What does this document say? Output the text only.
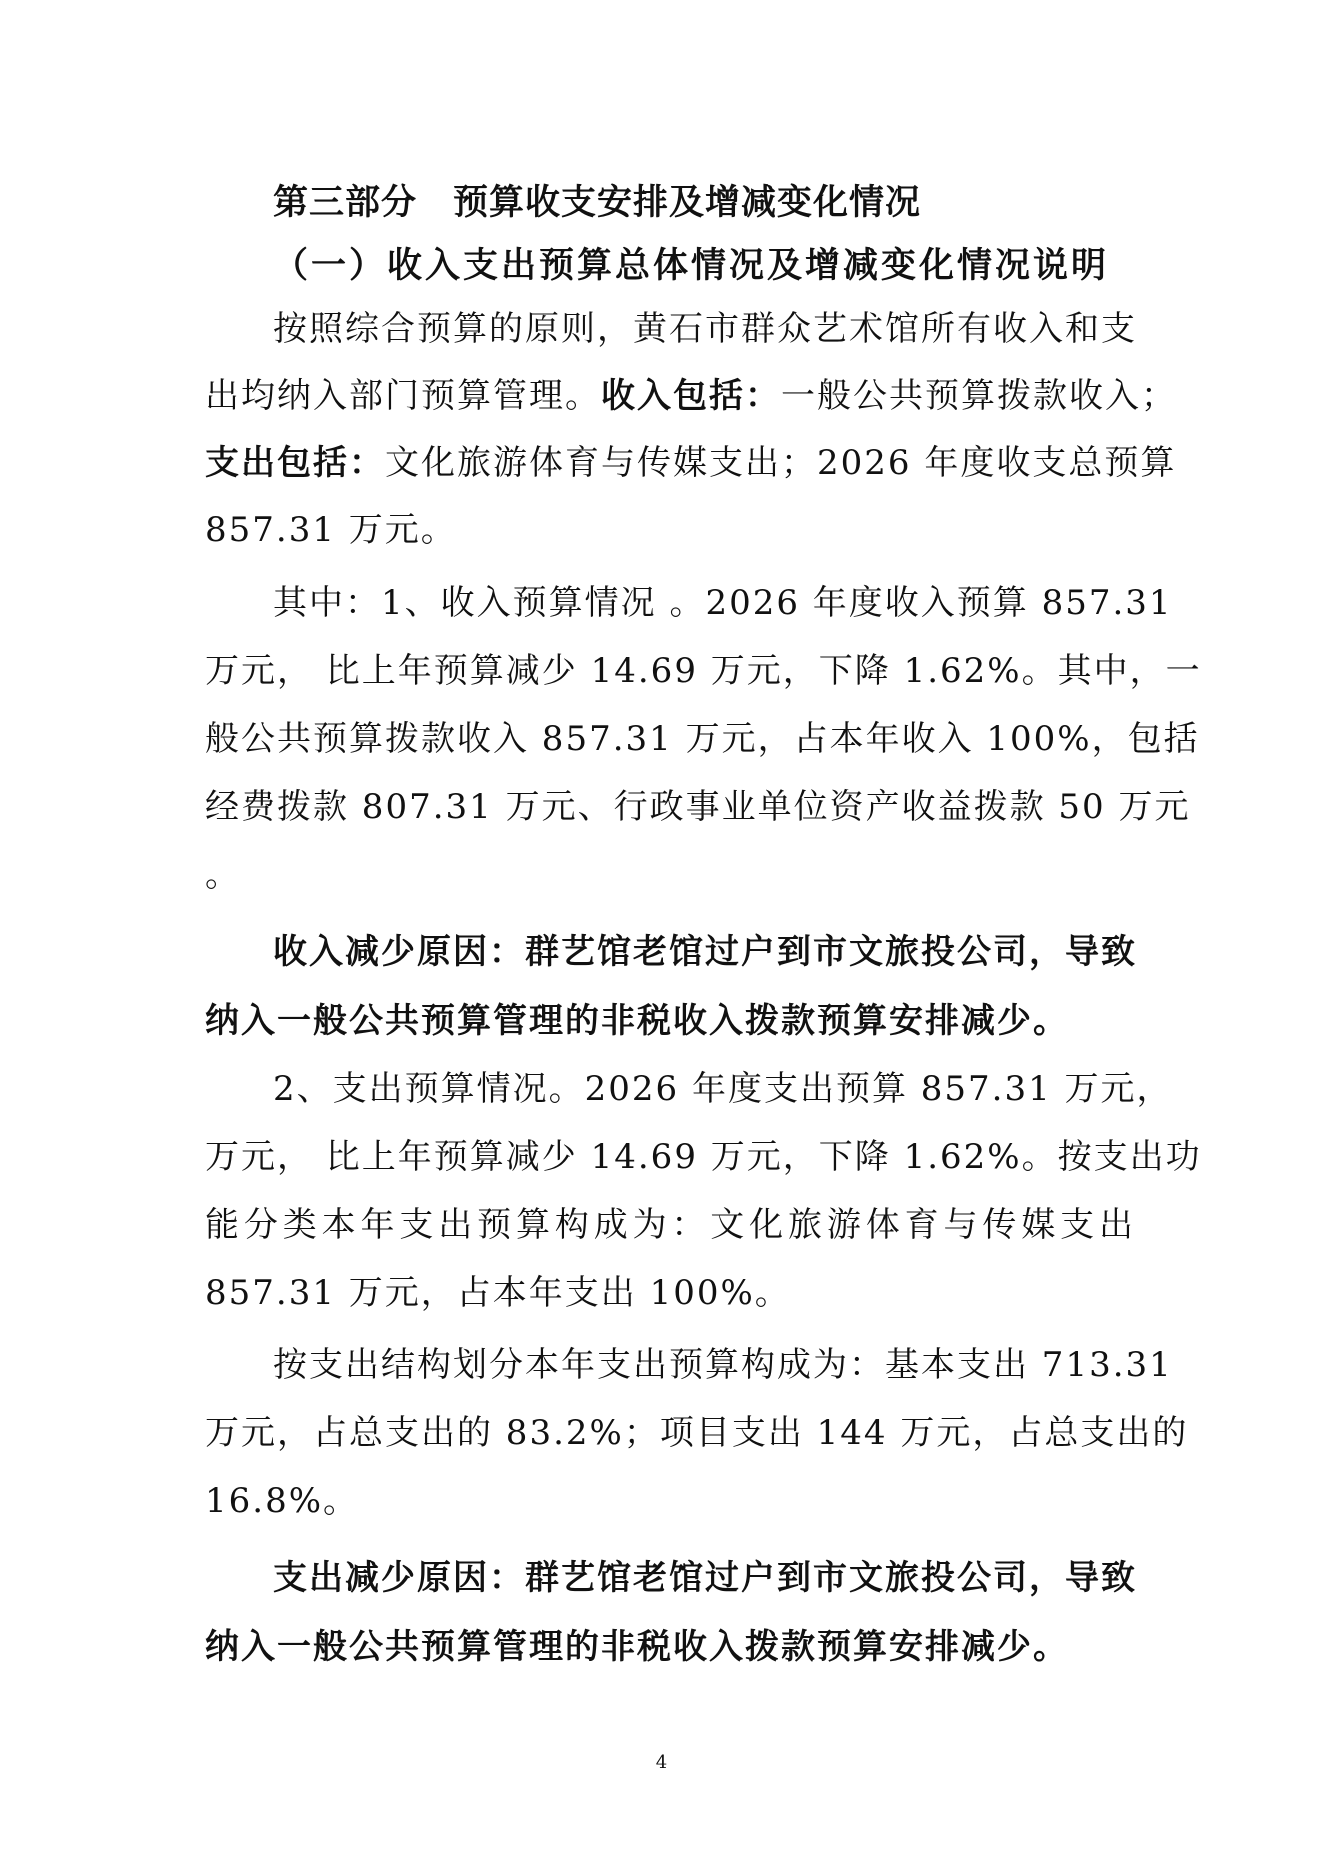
第三部分　预算收支安排及增减变化情况
（一）收入支出预算总体情况及增减变化情况说明
按照综合预算的原则，黄石市群众艺术馆所有收入和支
出均纳入部门预算管理。收入包括：一般公共预算拨款收入；
支出包括：文化旅游体育与传媒支出；2026 年度收支总预算
857.31 万元。
其中：1、收入预算情况 。2026 年度收入预算 857.31
万元， 比上年预算减少 14.69 万元，下降 1.62%。其中，一
般公共预算拨款收入 857.31 万元，占本年收入 100%，包括
经费拨款 807.31 万元、行政事业单位资产收益拨款 50 万元
。
收入减少原因：群艺馆老馆过户到市文旅投公司，导致
纳入一般公共预算管理的非税收入拨款预算安排减少。
2、支出预算情况。2026 年度支出预算 857.31 万元，
万元， 比上年预算减少 14.69 万元，下降 1.62%。按支出功
能分类本年支出预算构成为：文化旅游体育与传媒支出
857.31 万元，占本年支出 100%。
按支出结构划分本年支出预算构成为：基本支出 713.31
万元，占总支出的 83.2%；项目支出 144 万元，占总支出的
16.8%。
支出减少原因：群艺馆老馆过户到市文旅投公司，导致
纳入一般公共预算管理的非税收入拨款预算安排减少。
4
